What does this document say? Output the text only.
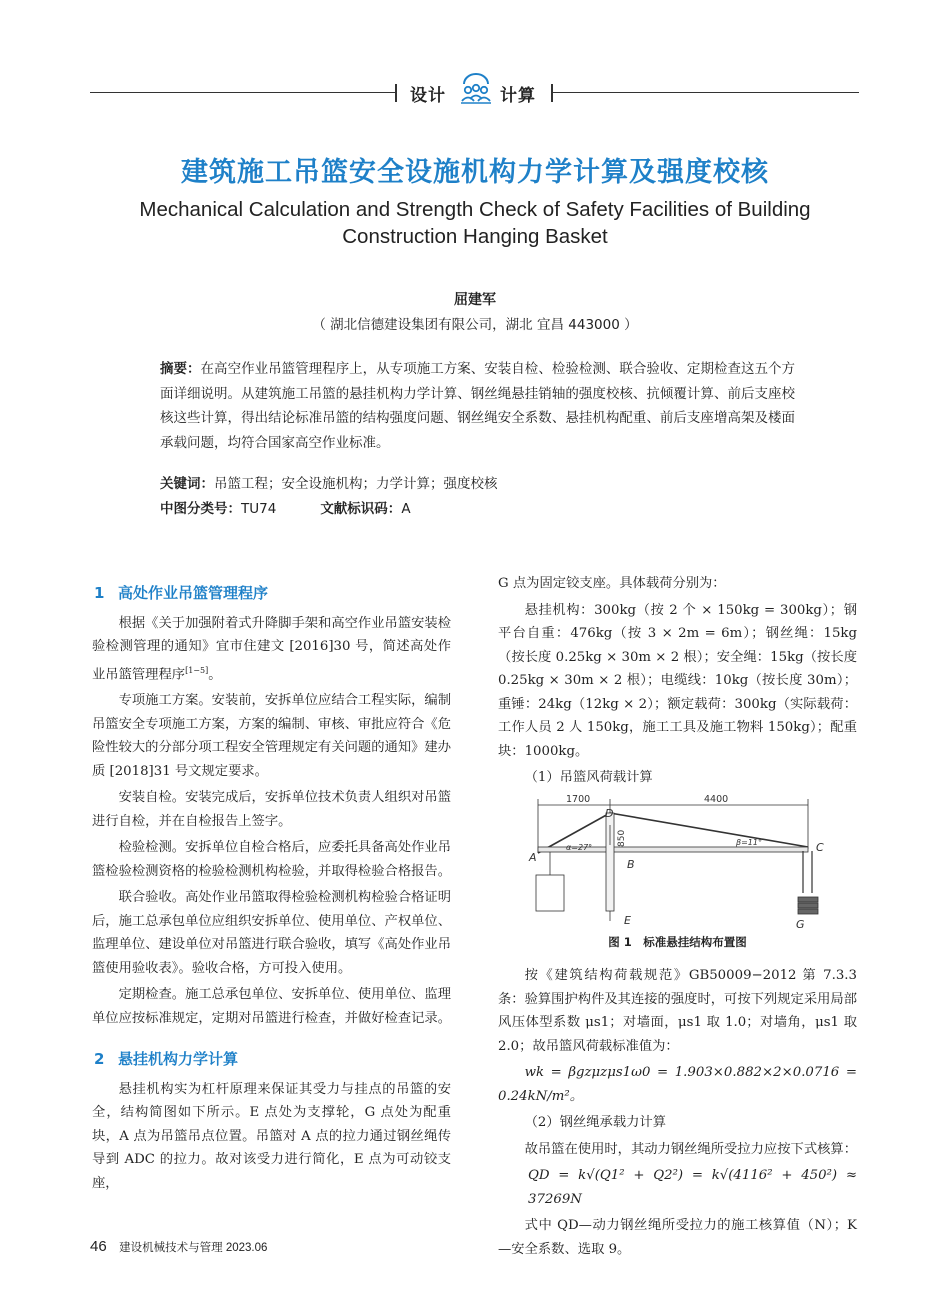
设计	计算
建筑施工吊篮安全设施机构力学计算及强度校核
Mechanical Calculation and Strength Check of Safety Facilities of Building
Construction Hanging Basket
屈建军
（ 湖北信德建设集团有限公司，湖北 宜昌 443000 ）
摘要：在高空作业吊篮管理程序上，从专项施工方案、安装自检、检验检测、联合验收、定期检查这五个方面详细说明。从建筑施工吊篮的悬挂机构力学计算、钢丝绳悬挂销轴的强度校核、抗倾覆计算、前后支座校核这些计算，得出结论标准吊篮的结构强度问题、钢丝绳安全系数、悬挂机构配重、前后支座增高架及楼面承载问题，均符合国家高空作业标准。
关键词：吊篮工程；安全设施机构；力学计算；强度校核
中图分类号：TU74	文献标识码：A
1 高处作业吊篮管理程序

根据《关于加强附着式升降脚手架和高空作业吊篮安装检验检测管理的通知》宜市住建文 [2016]30 号，简述高处作业吊篮管理程序[1−5]。

专项施工方案。安装前，安拆单位应结合工程实际，编制吊篮安全专项施工方案，方案的编制、审核、审批应符合《危险性较大的分部分项工程安全管理规定有关问题的通知》建办质 [2018]31 号文规定要求。

安装自检。安装完成后，安拆单位技术负责人组织对吊篮进行自检，并在自检报告上签字。

检验检测。安拆单位自检合格后，应委托具备高处作业吊篮检验检测资格的检验检测机构检验，并取得检验合格报告。

联合验收。高处作业吊篮取得检验检测机构检验合格证明后，施工总承包单位应组织安拆单位、使用单位、产权单位、监理单位、建设单位对吊篮进行联合验收，填写《高处作业吊篮使用验收表》。验收合格，方可投入使用。

定期检查。施工总承包单位、安拆单位、使用单位、监理单位应按标准规定，定期对吊篮进行检查，并做好检查记录。

2 悬挂机构力学计算

悬挂机构实为杠杆原理来保证其受力与挂点的吊篮的安全，结构简图如下所示。E 点处为支撑轮，G 点处为配重块，A 点为吊篮吊点位置。吊篮对 A 点的拉力通过钢丝绳传导到 ADC 的拉力。故对该受力进行简化，E 点为可动铰支座，

G 点为固定铰支座。具体载荷分别为：

悬挂机构：300kg（按 2 个 × 150kg = 300kg）；钢平台自重：476kg（按 3 × 2m = 6m）；钢丝绳：15kg（按长度 0.25kg × 30m × 2 根）；安全绳：15kg（按长度 0.25kg × 30m × 2 根）；电缆线：10kg（按长度 30m）；重锤：24kg（12kg × 2）；额定载荷：300kg（实际载荷：工作人员 2 人 150kg，施工工具及施工物料 150kg）；配重块：1000kg。

（1）吊篮风荷载计算

1700	4400
A
B
C
D
E	G
850
α=27°
β=11°
图 1　标准悬挂结构布置图

按《建筑结构荷载规范》GB50009−2012 第 7.3.3 条：验算围护构件及其连接的强度时，可按下列规定采用局部风压体型系数 μs1；对墙面，μs1 取 1.0；对墙角，μs1 取 2.0；故吊篮风荷载标准值为：

wk = βgzμzμs1ω0 = 1.903×0.882×2×0.0716 = 0.24kN/m²。

（2）钢丝绳承载力计算

故吊篮在使用时，其动力钢丝绳所受拉力应按下式核算：

QD = k√(Q1² + Q2²) = k√(4116² + 450²) ≈ 37269N

式中 QD—动力钢丝绳所受拉力的施工核算值（N）；K—安全系数、选取 9。

46 建设机械技术与管理 2023.06
